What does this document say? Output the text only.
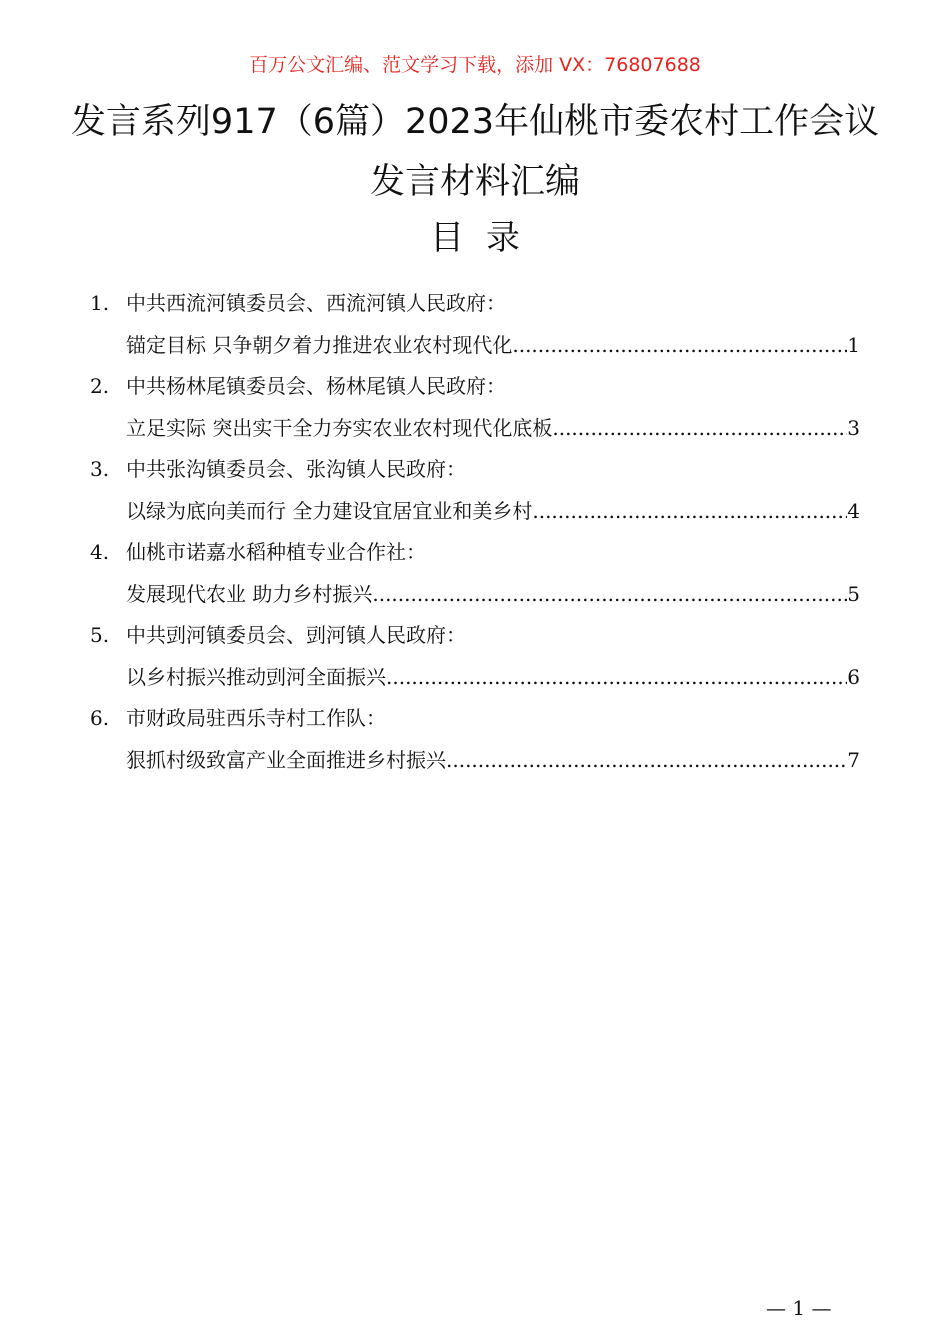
百万公文汇编、范文学习下载，添加 VX：76807688
发言系列917（6篇）2023年仙桃市委农村工作会议发言材料汇编
目录
1. 中共西流河镇委员会、西流河镇人民政府：
锚定目标 只争朝夕着力推进农业农村现代化 .....	1
2. 中共杨林尾镇委员会、杨林尾镇人民政府：
立足实际 突出实干全力夯实农业农村现代化底板 .....	3
3. 中共张沟镇委员会、张沟镇人民政府：
以绿为底向美而行 全力建设宜居宜业和美乡村 .....	4
4. 仙桃市诺嘉水稻种植专业合作社：
发展现代农业 助力乡村振兴 .....	5
5. 中共剅河镇委员会、剅河镇人民政府：
以乡村振兴推动剅河全面振兴 .....	6
6. 市财政局驻西乐寺村工作队：
狠抓村级致富产业全面推进乡村振兴 .....	7
— 1 —
